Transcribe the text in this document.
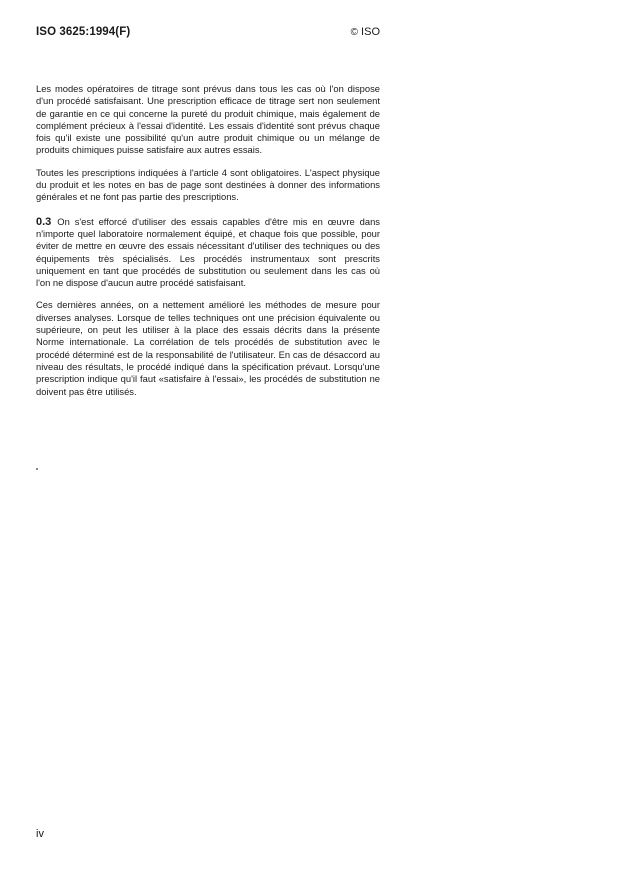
ISO 3625:1994(F)	© ISO

Les modes opératoires de titrage sont prévus dans tous les cas où l'on dispose d'un procédé satisfaisant. Une prescription efficace de titrage sert non seulement de garantie en ce qui concerne la pureté du produit chimique, mais également de complément précieux à l'essai d'identité. Les essais d'identité sont prévus chaque fois qu'il existe une possibilité qu'un autre produit chimique ou un mélange de produits chimiques puisse satisfaire aux autres essais.

Toutes les prescriptions indiquées à l'article 4 sont obligatoires. L'aspect physique du produit et les notes en bas de page sont destinées à donner des informations générales et ne font pas partie des prescriptions.

0.3 On s'est efforcé d'utiliser des essais capables d'être mis en œuvre dans n'importe quel laboratoire normalement équipé, et chaque fois que possible, pour éviter de mettre en œuvre des essais nécessitant d'utiliser des techniques ou des équipements très spécialisés. Les procédés instrumentaux sont prescrits uniquement en tant que procédés de substitution ou seulement dans les cas où l'on ne dispose d'aucun autre procédé satisfaisant.

Ces dernières années, on a nettement amélioré les méthodes de mesure pour diverses analyses. Lorsque de telles techniques ont une précision équivalente ou supérieure, on peut les utiliser à la place des essais décrits dans la présente Norme internationale. La corrélation de tels procédés de substitution avec le procédé déterminé est de la responsabilité de l'utilisateur. En cas de désaccord au niveau des résultats, le procédé indiqué dans la spécification prévaut. Lorsqu'une prescription indique qu'il faut «satisfaire à l'essai», les procédés de substitution ne doivent pas être utilisés.

iv
